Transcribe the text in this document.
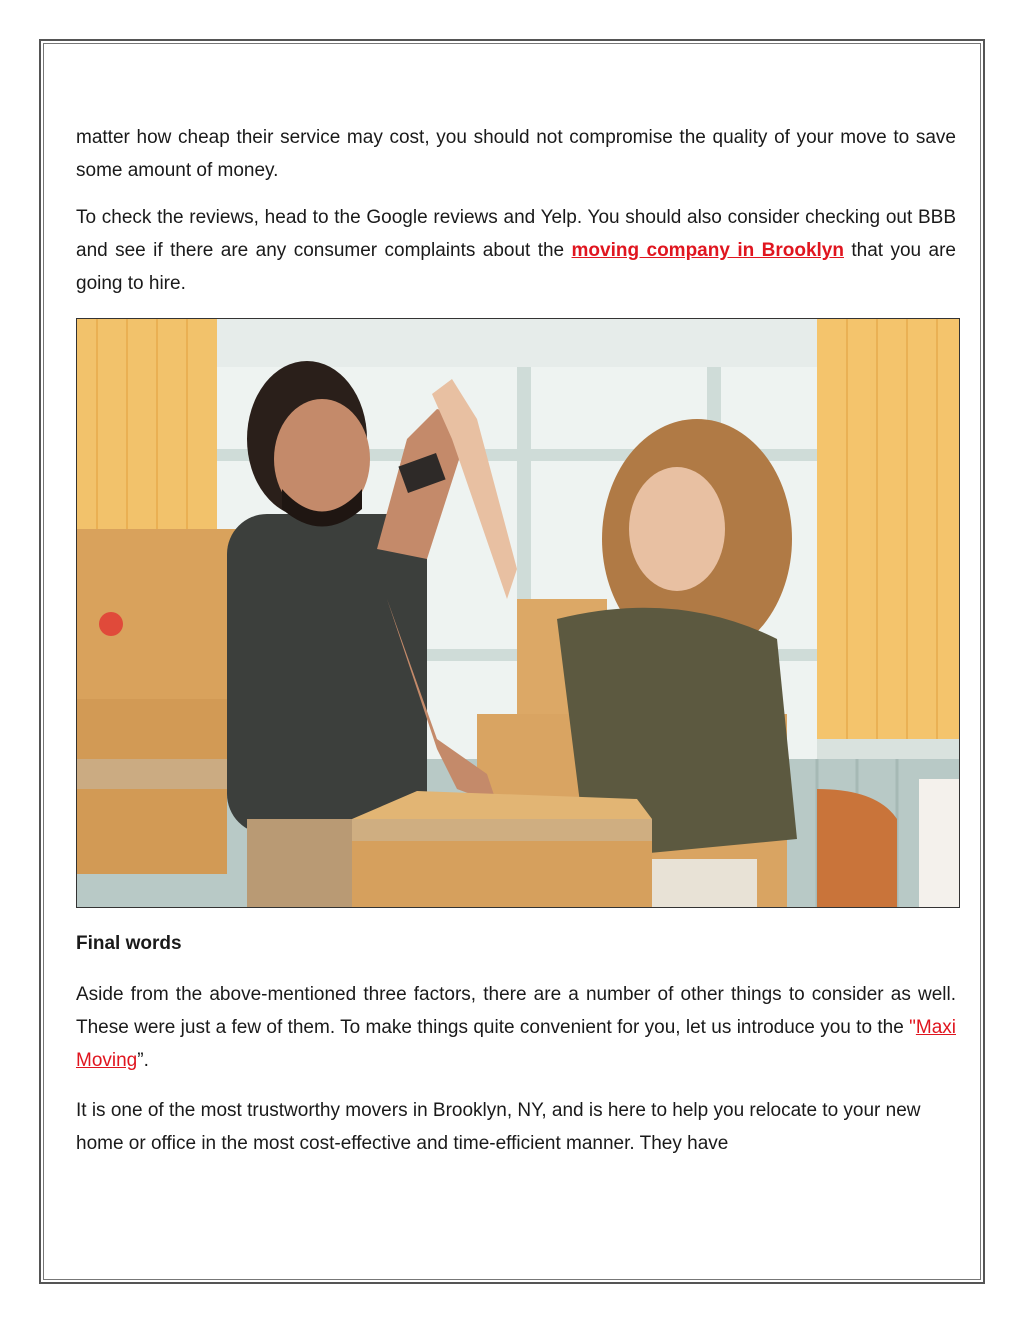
matter how cheap their service may cost, you should not compromise the quality of your move to save some amount of money.

To check the reviews, head to the Google reviews and Yelp. You should also consider checking out BBB and see if there are any consumer complaints about the moving company in Brooklyn that you are going to hire.

Final words

Aside from the above-mentioned three factors, there are a number of other things to consider as well. These were just a few of them. To make things quite convenient for you, let us introduce you to the "Maxi Moving”.

It is one of the most trustworthy movers in Brooklyn, NY, and is here to help you relocate to your new home or office in the most cost-effective and time-efficient manner. They have
